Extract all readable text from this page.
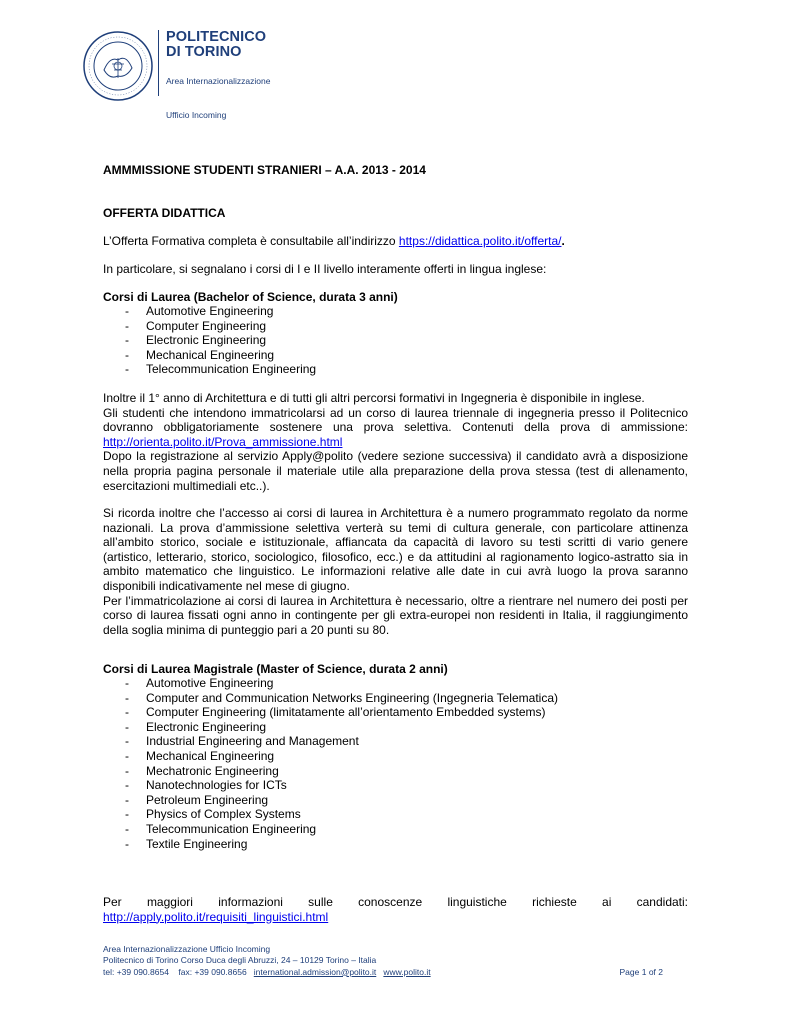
POLITECNICO
DI TORINO
Area Internazionalizzazione
Ufficio Incoming
AMMMISSIONE STUDENTI STRANIERI – A.A. 2013 - 2014
OFFERTA DIDATTICA
L’Offerta Formativa completa è consultabile all’indirizzo https://didattica.polito.it/offerta/.
In particolare, si segnalano i corsi di I e II livello interamente offerti in lingua inglese:
Corsi di Laurea (Bachelor of Science, durata 3 anni)
- Automotive Engineering
- Computer Engineering
- Electronic Engineering
- Mechanical Engineering
- Telecommunication Engineering
Inoltre il 1° anno di Architettura e di tutti gli altri percorsi formativi in Ingegneria è disponibile in inglese.
Gli studenti che intendono immatricolarsi ad un corso di laurea triennale di ingegneria presso il Politecnico dovranno obbligatoriamente sostenere una prova selettiva. Contenuti della prova di ammissione: http://orienta.polito.it/Prova_ammissione.html
Dopo la registrazione al servizio Apply@polito (vedere sezione successiva) il candidato avrà a disposizione nella propria pagina personale il materiale utile alla preparazione della prova stessa (test di allenamento, esercitazioni multimediali etc..).
Si ricorda inoltre che l’accesso ai corsi di laurea in Architettura è a numero programmato regolato da norme nazionali. La prova d’ammissione selettiva verterà su temi di cultura generale, con particolare attinenza all’ambito storico, sociale e istituzionale, affiancata da capacità di lavoro su testi scritti di vario genere (artistico, letterario, storico, sociologico, filosofico, ecc.) e da attitudini al ragionamento logico-astratto sia in ambito matematico che linguistico. Le informazioni relative alle date in cui avrà luogo la prova saranno disponibili indicativamente nel mese di giugno.
Per l’immatricolazione ai corsi di laurea in Architettura è necessario, oltre a rientrare nel numero dei posti per corso di laurea fissati ogni anno in contingente per gli extra-europei non residenti in Italia, il raggiungimento della soglia minima di punteggio pari a 20 punti su 80.
Corsi di Laurea Magistrale (Master of Science, durata 2 anni)
- Automotive Engineering
- Computer and Communication Networks Engineering (Ingegneria Telematica)
- Computer Engineering (limitatamente all’orientamento Embedded systems)
- Electronic Engineering
- Industrial Engineering and Management
- Mechanical Engineering
- Mechatronic Engineering
- Nanotechnologies for ICTs
- Petroleum Engineering
- Physics of Complex Systems
- Telecommunication Engineering
- Textile Engineering
Per maggiori informazioni sulle conoscenze linguistiche richieste ai candidati:
http://apply.polito.it/requisiti_linguistici.html
Area Internazionalizzazione Ufficio Incoming
Politecnico di Torino Corso Duca degli Abruzzi, 24 – 10129 Torino – Italia
tel: +39 090.8654    fax: +39 090.8656   international.admission@polito.it www.polito.it	Page 1 of 2
